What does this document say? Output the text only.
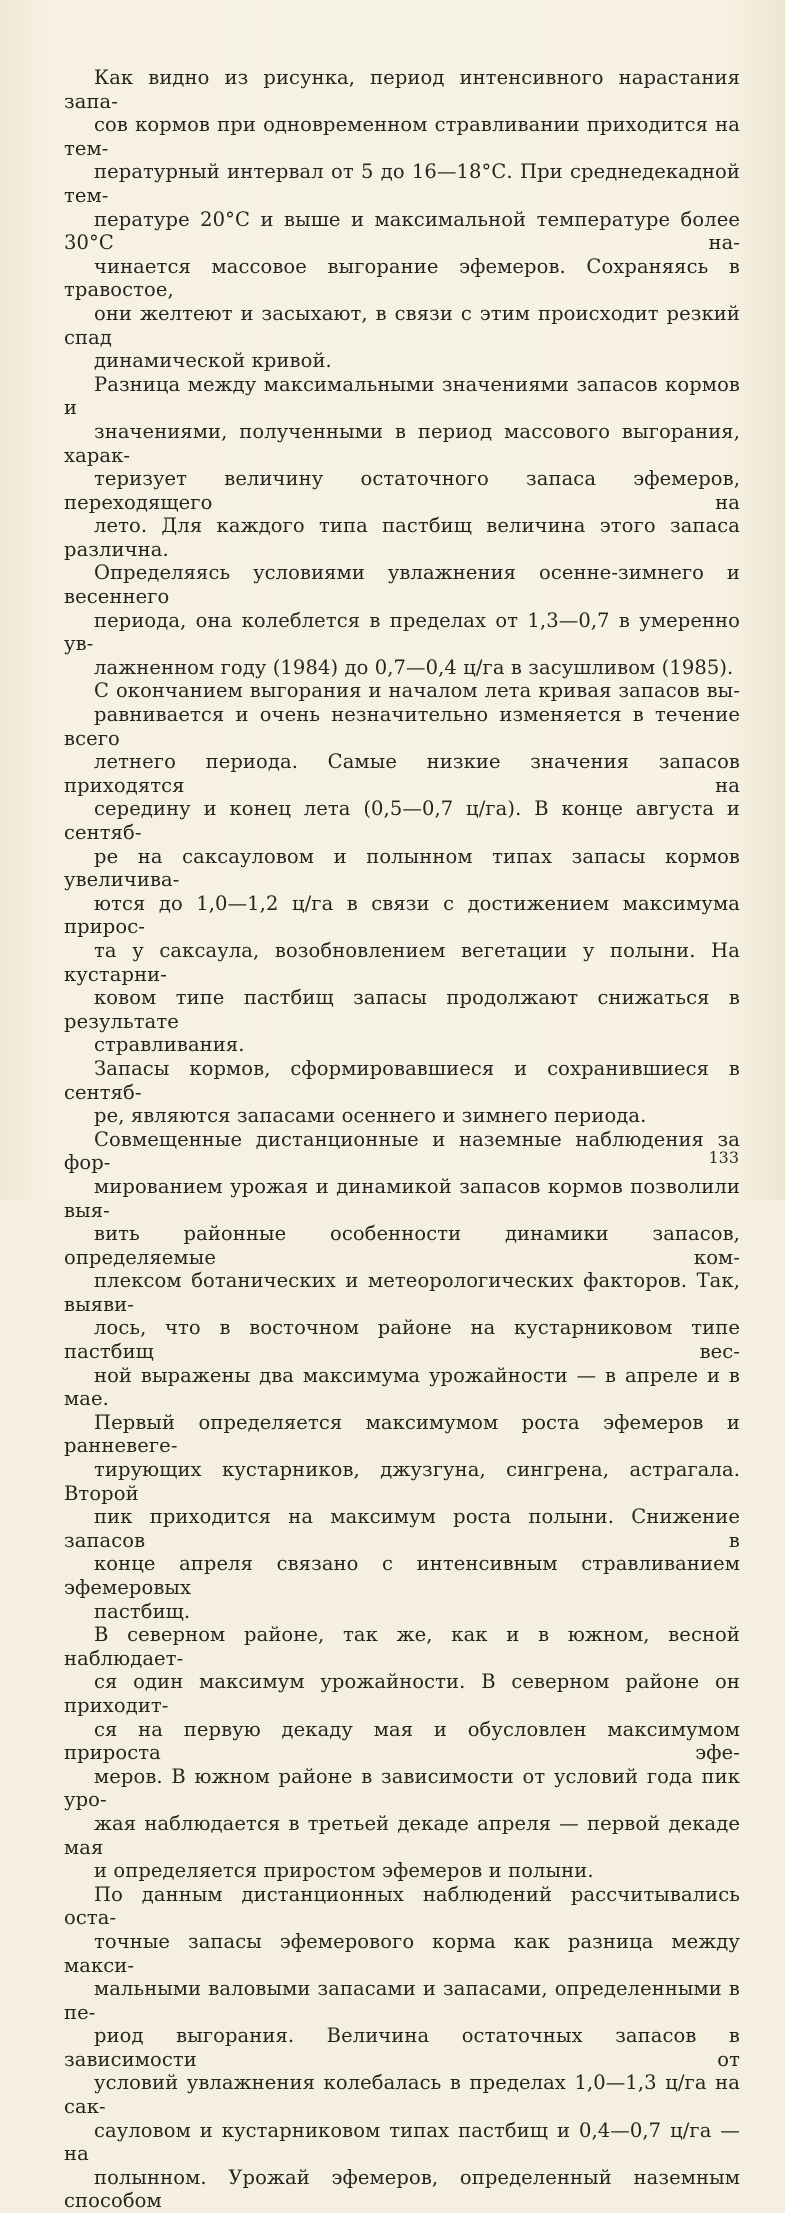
Как видно из рисунка, период интенсивного нарастания запа-
сов кормов при одновременном стравливании приходится на тем-
пературный интервал от 5 до 16—18°С. При среднедекадной тем-
пературе 20°С и выше и максимальной температуре более 30°С на-
чинается массовое выгорание эфемеров. Сохраняясь в травостое,
они желтеют и засыхают, в связи с этим происходит резкий спад
динамической кривой.
Разница между максимальными значениями запасов кормов и
значениями, полученными в период массового выгорания, харак-
теризует величину остаточного запаса эфемеров, переходящего на
лето. Для каждого типа пастбищ величина этого запаса различна.
Определяясь условиями увлажнения осенне-зимнего и весеннего
периода, она колеблется в пределах от 1,3—0,7 в умеренно ув-
лажненном году (1984) до 0,7—0,4 ц/га в засушливом (1985).
С окончанием выгорания и началом лета кривая запасов вы-
равнивается и очень незначительно изменяется в течение всего
летнего периода. Самые низкие значения запасов приходятся на
середину и конец лета (0,5—0,7 ц/га). В конце августа и сентяб-
ре на саксауловом и полынном типах запасы кормов увеличива-
ются до 1,0—1,2 ц/га в связи с достижением максимума прирос-
та у саксаула, возобновлением вегетации у полыни. На кустарни-
ковом типе пастбищ запасы продолжают снижаться в результате
стравливания.
Запасы кормов, сформировавшиеся и сохранившиеся в сентяб-
ре, являются запасами осеннего и зимнего периода.
Совмещенные дистанционные и наземные наблюдения за фор-
мированием урожая и динамикой запасов кормов позволили выя-
вить районные особенности динамики запасов, определяемые ком-
плексом ботанических и метеорологических факторов. Так, выяви-
лось, что в восточном районе на кустарниковом типе пастбищ вес-
ной выражены два максимума урожайности — в апреле и в мае.
Первый определяется максимумом роста эфемеров и ранневеге-
тирующих кустарников, джузгуна, сингрена, астрагала. Второй
пик приходится на максимум роста полыни. Снижение запасов в
конце апреля связано с интенсивным стравливанием эфемеровых
пастбищ.
В северном районе, так же, как и в южном, весной наблюдает-
ся один максимум урожайности. В северном районе он приходит-
ся на первую декаду мая и обусловлен максимумом прироста эфе-
меров. В южном районе в зависимости от условий года пик уро-
жая наблюдается в третьей декаде апреля — первой декаде мая
и определяется приростом эфемеров и полыни.
По данным дистанционных наблюдений рассчитывались оста-
точные запасы эфемерового корма как разница между макси-
мальными валовыми запасами и запасами, определенными в пе-
риод выгорания. Величина остаточных запасов в зависимости от
условий увлажнения колебалась в пределах 1,0—1,3 ц/га на сак-
сауловом и кустарниковом типах пастбищ и 0,4—0,7 ц/га — на
полынном. Урожай эфемеров, определенный наземным способом
133
